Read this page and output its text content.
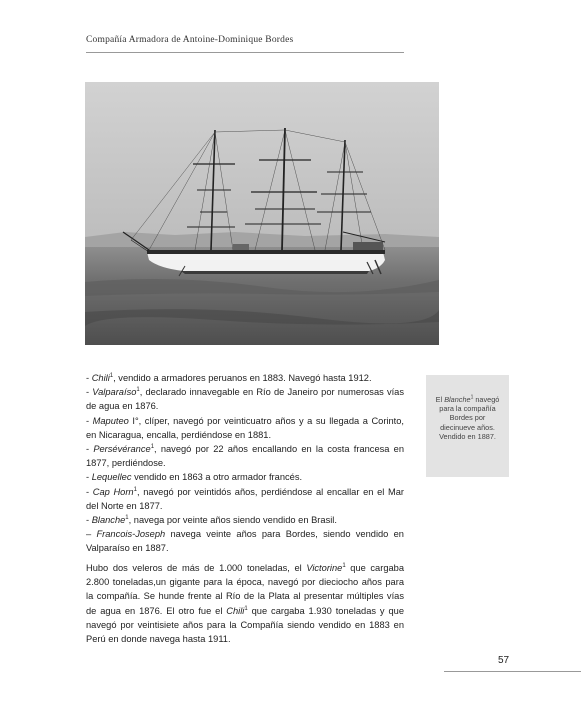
Compañía Armadora de Antoine-Dominique Bordes
- Chili$^1$, vendido a armadores peruanos en 1883. Navegó hasta 1912.
- Valparaíso$^1$, declarado innavegable en Río de Janeiro por numerosas vías de agua en 1876.
- Maputeo I°, clíper, navegó por veinticuatro años y a su llegada a Corinto, en Nicaragua, encalla, perdiéndose en 1881.
- Persévérance$^1$, navegó por 22 años encallando en la costa francesa en 1877, perdiéndose.
- Lequellec vendido en 1863 a otro armador francés.
- Cap Horn$^1$, navegó por veintidós años, perdiéndose al encallar en el Mar del Norte en 1877.
- Blanche$^1$, navega por veinte años siendo vendido en Brasil.
– Francois-Joseph navega veinte años para Bordes, siendo vendido en Valparaíso en 1887.

Hubo dos veleros de más de 1.000 toneladas, el Victorine$^1$ que cargaba 2.800 toneladas,un gigante para la época, navegó por dieciocho años para la compañía. Se hunde frente al Río de la Plata al presentar múltiples vías de agua en 1876. El otro fue el Chili$^1$ que cargaba 1.930 toneladas y que navegó por veintisiete años para la Compañía siendo vendido en 1883 en Perú en donde navega hasta 1911.

El Blanche$^1$ navegó para la compañía Bordes por diecinueve años. Vendido en 1887.

57
